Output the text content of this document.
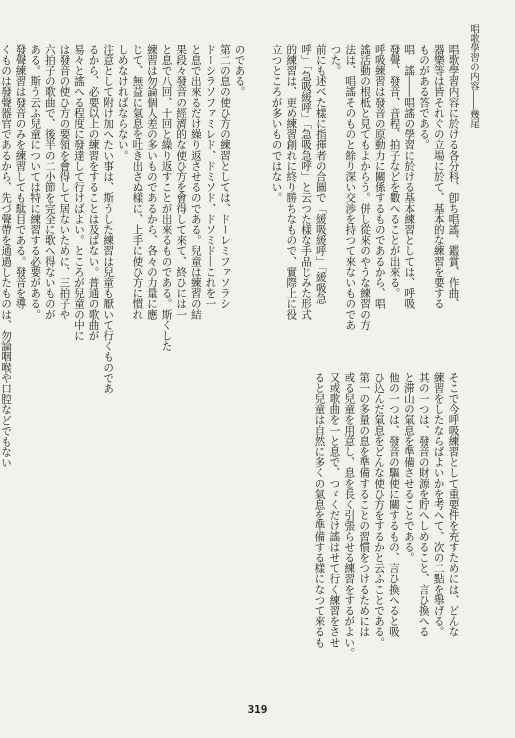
唱歌學習の内容――幾尾
唱歌學習内容に於ける各分科、卽ち唱謠、鑑賞、作曲、
器樂等は皆それぐの立場に於て、基本的な練習を要する
ものがある答である。
唱　謠――唱謠の學習に於ける基本練習としては、呼吸
發聲、發音、音程、拍子などを數へることが出來る。
呼吸練習は發音の原動力に關係するものであるから、唱
謠活動の根柢と見てもよからう。併し從來のやうな練習の方
法は、唱謠そのものと餘り深い交渉を持つて來ないものであ
つた。
前にも述べた樣に指揮者の合圖で「緩吸緩呼」「緩吸急
呼」「急吸緩呼」「急吸急呼」と云つた樣な手品じみた形式
的練習は、更め練習創れに終り勝ちなもので、實際上に役
立つところが多いものではない。
そこで今呼吸練習として重要件を充すためには、どんな
練習をしたならばよいかを考へて、次の二點を舉げる。
其の一つは、發音の財源を貯へしめること、言ひ換へる
と滞山の氣息を準備させることである。
他の一つは、發音の驅使に關するもの、言ひ換へると吸
ひ込んだ氣息をどんな使ひ方をするかと云ふことである。
第一の多量の息を準備することの習慣をつけるためには
或る兒童を用意し、息を長く引張らせる練習をするがよい。
又或歌曲を一と息で、つゞくだけ謠はせて行く練習をさせ
ると兒童は自然に多くの氣息を準備する樣になつて來るも
のである。
第二の息の使ひ方の練習としては、ドーレミファソラシ
ドーシラソファミレド、ドミソド、ドソミド―これを一
と息で出來るだけ繰り返させるのである。兒童は練習の結
果段々發音の經濟的な使ひ方を會得して來て、終ひには一
と息で八回、十回と繰り返すことが出來るものである。斯くした
練習は勿論個人差の多いものであるから、各々の力量に應
じて、無益に氣息を吐き出さぬ樣に、上手に使ひ方に慣れ
しめなければならない。
注意として附け加へたい事は、斯うした練習は兒童も厭いて行くものであ
るから、必要以上の練習をすることは及ばない。普通の歌曲が
易々と謠へる程度に發達して行けばよい。ところが兒童の中に
は發音の使ひ方の要領を會得して居ないために、三拍子や
六拍子の歌曲で、後半の二小節を完全に歌へ得ないものが
ある。斯う云ふ兒童については特に練習する必要がある。
發聲練習は發音のみを練習しても駄目である。發音を導
くものは發聲器官であるから、先づ聲帶を通過したものは、勿論咽喉や口腔などでもない
319
